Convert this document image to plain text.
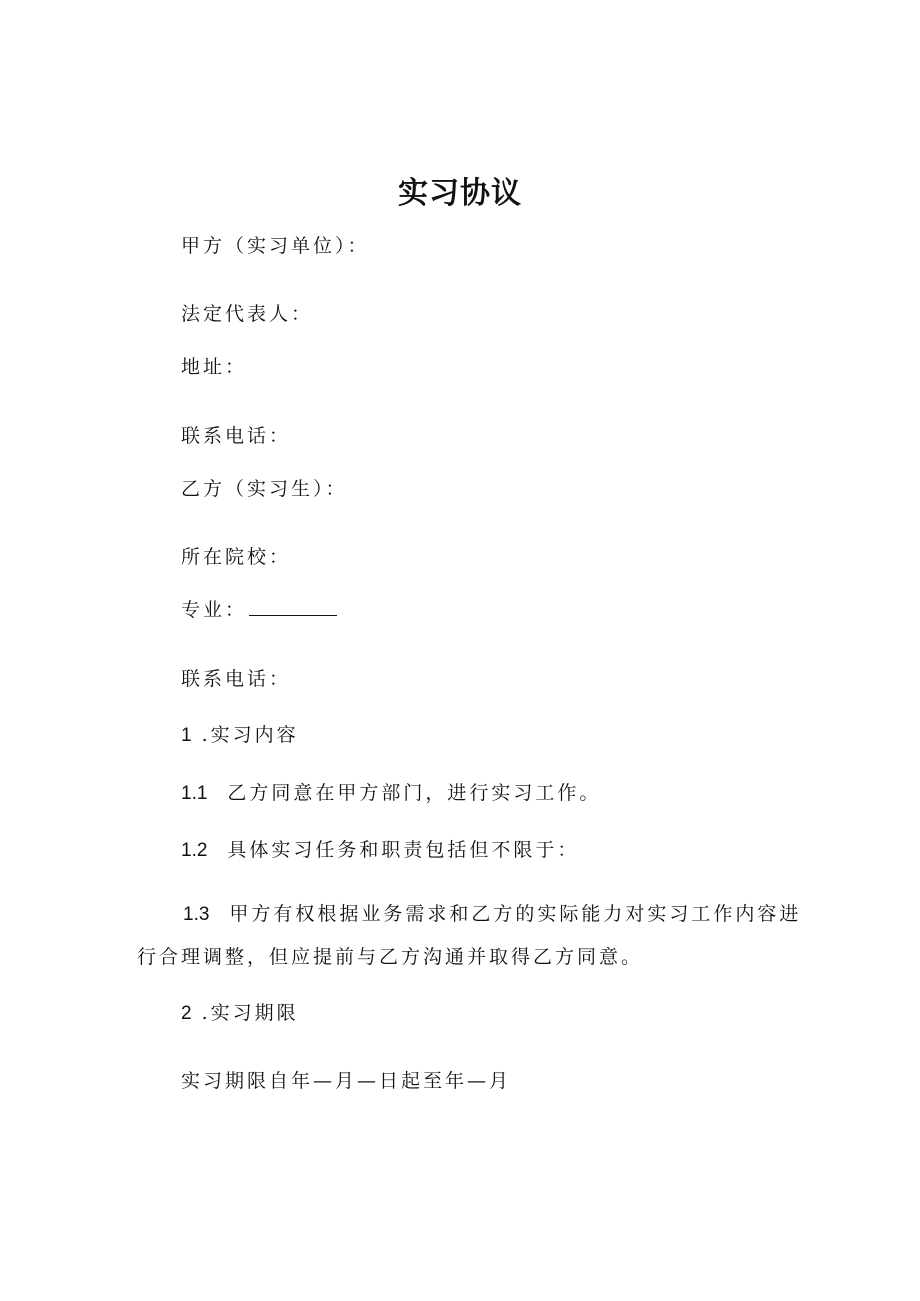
实习协议
甲方（实习单位）：
法定代表人：
地址：
联系电话：
乙方（实习生）：
所在院校：
专业：
联系电话：
1 .实习内容
1.1 乙方同意在甲方部门，进行实习工作。
1.2 具体实习任务和职责包括但不限于：
1.3 甲方有权根据业务需求和乙方的实际能力对实习工作内容进
行合理调整，但应提前与乙方沟通并取得乙方同意。
2 .实习期限
实习期限自年—月—日起至年—月
